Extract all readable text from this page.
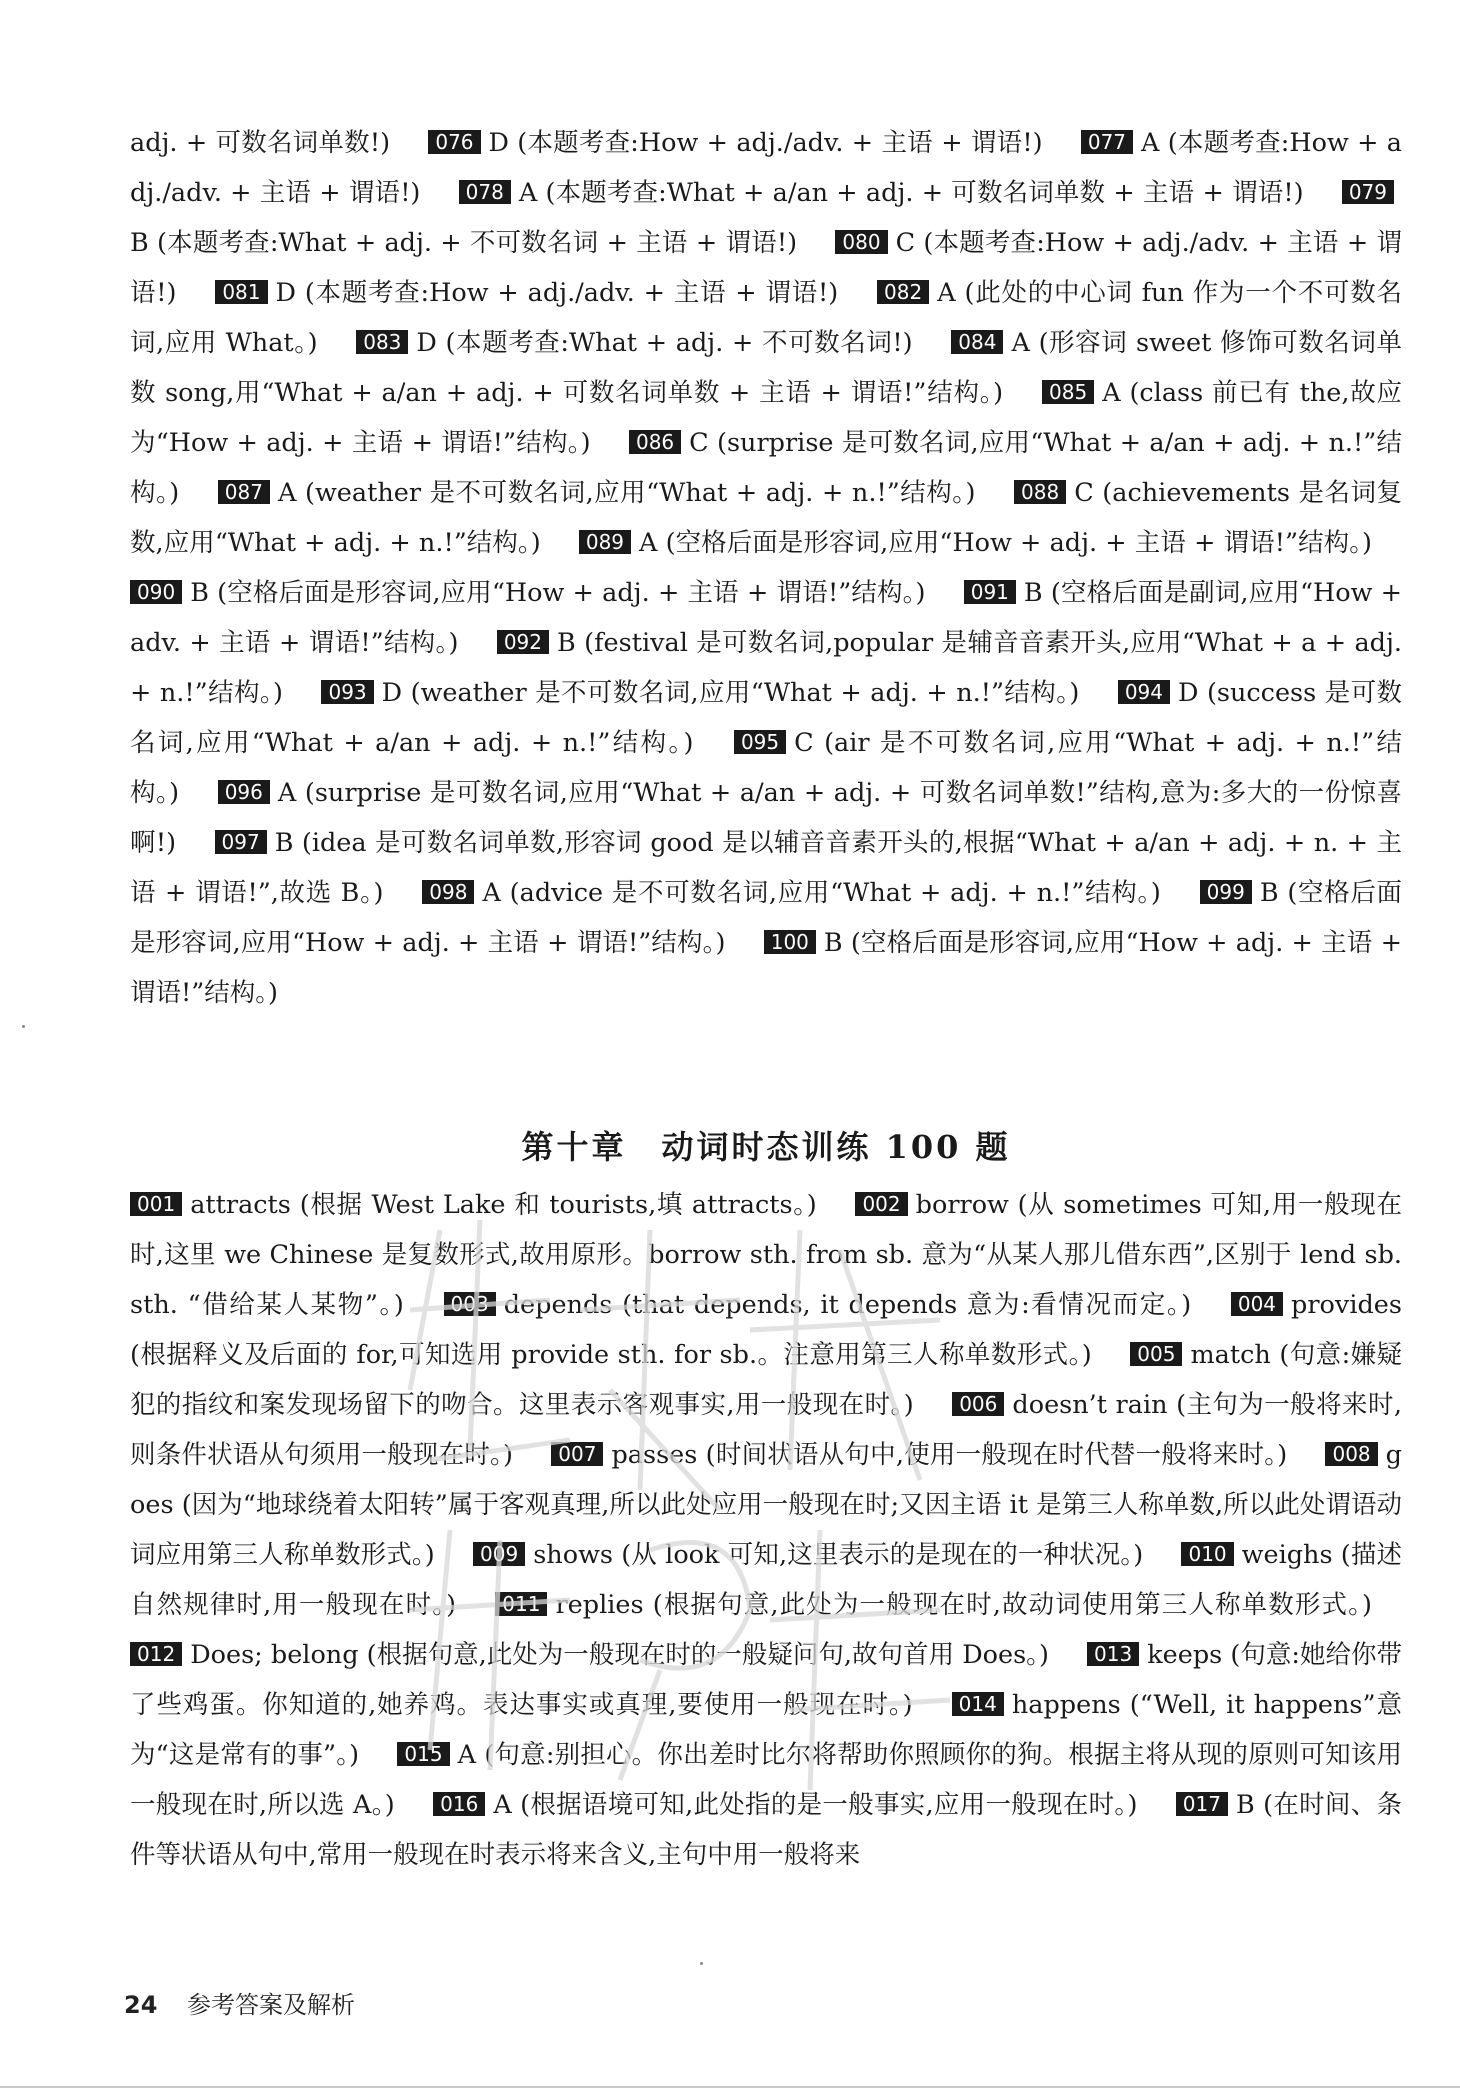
adj. + 可数名词单数!) 076 D (本题考查:How + adj./adv. + 主语 + 谓语!) 077 A (本题考查:How + adj./adv. + 主语 + 谓语!) 078 A (本题考查:What + a/an + adj. + 可数名词单数 + 主语 + 谓语!) 079B (本题考查:What + adj. + 不可数名词 + 主语 + 谓语!) 080 C (本题考查:How + adj./adv. + 主语 + 谓语!) 081 D (本题考查:How + adj./adv. + 主语 + 谓语!) 082 A (此处的中心词 fun 作为一个不可数名词,应用 What。) 083 D (本题考查:What + adj. + 不可数名词!) 084 A (形容词 sweet 修饰可数名词单数 song,用“What + a/an + adj. + 可数名词单数 + 主语 + 谓语!”结构。) 085 A (class 前已有 the,故应为“How + adj. + 主语 + 谓语!”结构。) 086 C (surprise 是可数名词,应用“What + a/an + adj. + n.!”结构。) 087 A (weather 是不可数名词,应用“What + adj. + n.!”结构。) 088 C (achievements 是名词复数,应用“What + adj. + n.!”结构。) 089 A (空格后面是形容词,应用“How + adj. + 主语 + 谓语!”结构。) 090 B (空格后面是形容词,应用“How + adj. + 主语 + 谓语!”结构。) 091 B (空格后面是副词,应用“How + adv. + 主语 + 谓语!”结构。) 092 B (festival 是可数名词,popular 是辅音音素开头,应用“What + a + adj. + n.!”结构。) 093 D (weather 是不可数名词,应用“What + adj. + n.!”结构。) 094 D (success 是可数名词,应用“What + a/an + adj. + n.!”结构。) 095 C (air 是不可数名词,应用“What + adj. + n.!”结构。) 096 A (surprise 是可数名词,应用“What + a/an + adj. + 可数名词单数!”结构,意为:多大的一份惊喜啊!) 097 B (idea 是可数名词单数,形容词 good 是以辅音音素开头的,根据“What + a/an + adj. + n. + 主语 + 谓语!”,故选 B。) 098 A (advice 是不可数名词,应用“What + adj. + n.!”结构。) 099 B (空格后面是形容词,应用“How + adj. + 主语 + 谓语!”结构。) 100 B (空格后面是形容词,应用“How + adj. + 主语 + 谓语!”结构。)
第十章　动词时态训练 100 题
001 attracts (根据 West Lake 和 tourists,填 attracts。) 002 borrow (从 sometimes 可知,用一般现在时,这里 we Chinese 是复数形式,故用原形。borrow sth. from sb. 意为“从某人那儿借东西”,区别于 lend sb. sth. “借给某人某物”。) 003 depends (that depends, it depends 意为:看情况而定。) 004 provides (根据释义及后面的 for,可知选用 provide sth. for sb.。注意用第三人称单数形式。) 005 match (句意:嫌疑犯的指纹和案发现场留下的吻合。这里表示客观事实,用一般现在时。) 006 doesn’t rain (主句为一般将来时,则条件状语从句须用一般现在时。) 007 passes (时间状语从句中,使用一般现在时代替一般将来时。) 008 goes (因为“地球绕着太阳转”属于客观真理,所以此处应用一般现在时;又因主语 it 是第三人称单数,所以此处谓语动词应用第三人称单数形式。) 009 shows (从 look 可知,这里表示的是现在的一种状况。) 010 weighs (描述自然规律时,用一般现在时。) 011 replies (根据句意,此处为一般现在时,故动词使用第三人称单数形式。) 012 Does; belong (根据句意,此处为一般现在时的一般疑问句,故句首用 Does。) 013 keeps (句意:她给你带了些鸡蛋。你知道的,她养鸡。表达事实或真理,要使用一般现在时。) 014 happens (“Well, it happens”意为“这是常有的事”。) 015 A (句意:别担心。你出差时比尔将帮助你照顾你的狗。根据主将从现的原则可知该用一般现在时,所以选 A。) 016 A (根据语境可知,此处指的是一般事实,应用一般现在时。) 017 B (在时间、条件等状语从句中,常用一般现在时表示将来含义,主句中用一般将来
24 参考答案及解析
